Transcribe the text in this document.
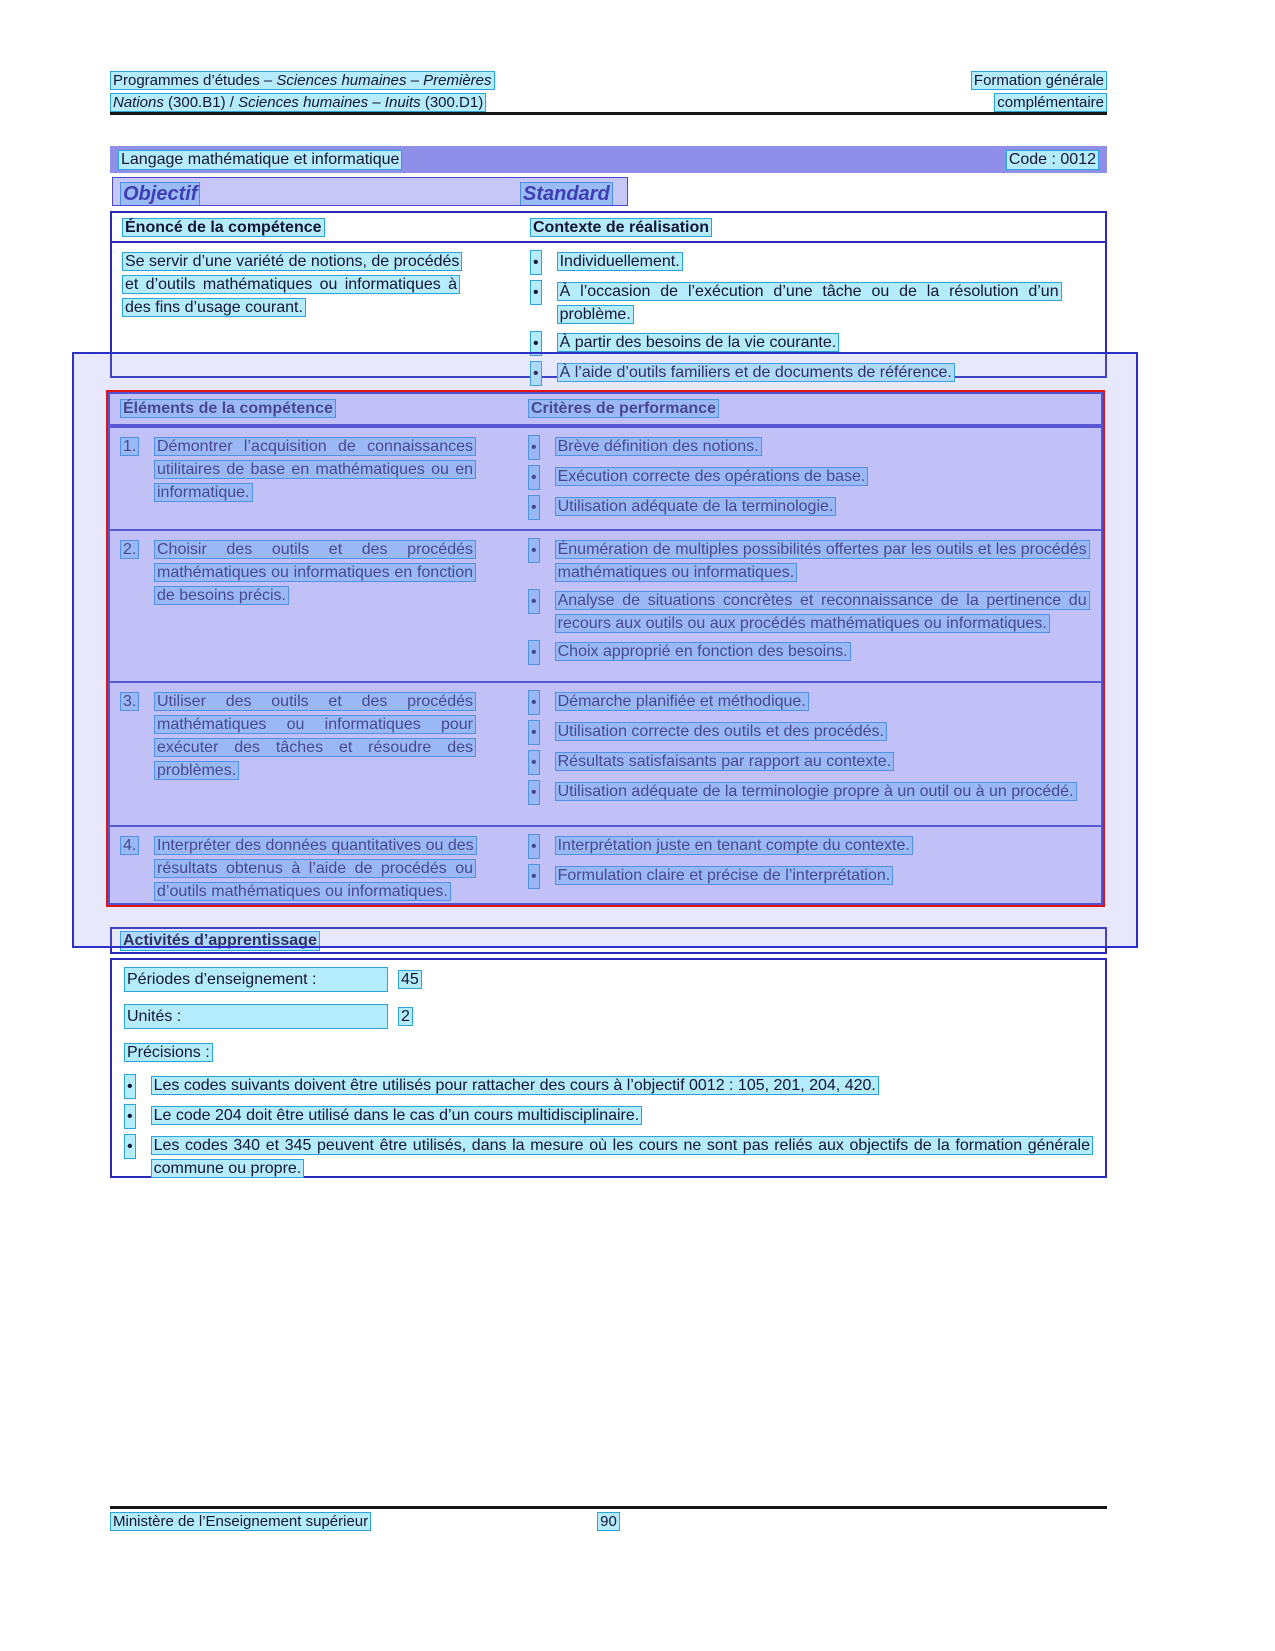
Programmes d’études – Sciences humaines – Premières
Nations (300.B1) / Sciences humaines – Inuits (300.D1)
Formation générale
complémentaire
Langage mathématique et informatique	Code : 0012
Objectif	Standard
Énoncé de la compétence	Contexte de réalisation
Se servir d’une variété de notions, de procédés et d’outils mathématiques ou informatiques à des fins d’usage courant.
•
Individuellement.
•
À l’occasion de l’exécution d’une tâche ou de la résolution d’un problème.
•
À partir des besoins de la vie courante.
•
À l’aide d’outils familiers et de documents de référence.
Éléments de la compétence	Critères de performance
1.	Démontrer l’acquisition de connaissances utilitaires de base en mathématiques ou en informatique.
•
Brève définition des notions.
•
Exécution correcte des opérations de base.
•
Utilisation adéquate de la terminologie.
2.	Choisir des outils et des procédés mathématiques ou informatiques en fonction de besoins précis.
•
Énumération de multiples possibilités offertes par les outils et les procédés mathématiques ou informatiques.
•
Analyse de situations concrètes et reconnaissance de la pertinence du recours aux outils ou aux procédés mathématiques ou informatiques.
•
Choix approprié en fonction des besoins.
3.	Utiliser des outils et des procédés mathématiques ou informatiques pour exécuter des tâches et résoudre des problèmes.
•
Démarche planifiée et méthodique.
•
Utilisation correcte des outils et des procédés.
•
Résultats satisfaisants par rapport au contexte.
•
Utilisation adéquate de la terminologie propre à un outil ou à un procédé.
4.	Interpréter des données quantitatives ou des résultats obtenus à l’aide de procédés ou d’outils mathématiques ou informatiques.
•
Interprétation juste en tenant compte du contexte.
•
Formulation claire et précise de l’interprétation.
Activités d’apprentissage
Périodes d’enseignement :	45
Unités :	2
Précisions :
•
Les codes suivants doivent être utilisés pour rattacher des cours à l’objectif 0012 : 105, 201, 204, 420.
•
Le code 204 doit être utilisé dans le cas d’un cours multidisciplinaire.
•
Les codes 340 et 345 peuvent être utilisés, dans la mesure où les cours ne sont pas reliés aux objectifs de la formation générale commune ou propre.
Ministère de l’Enseignement supérieur	90
